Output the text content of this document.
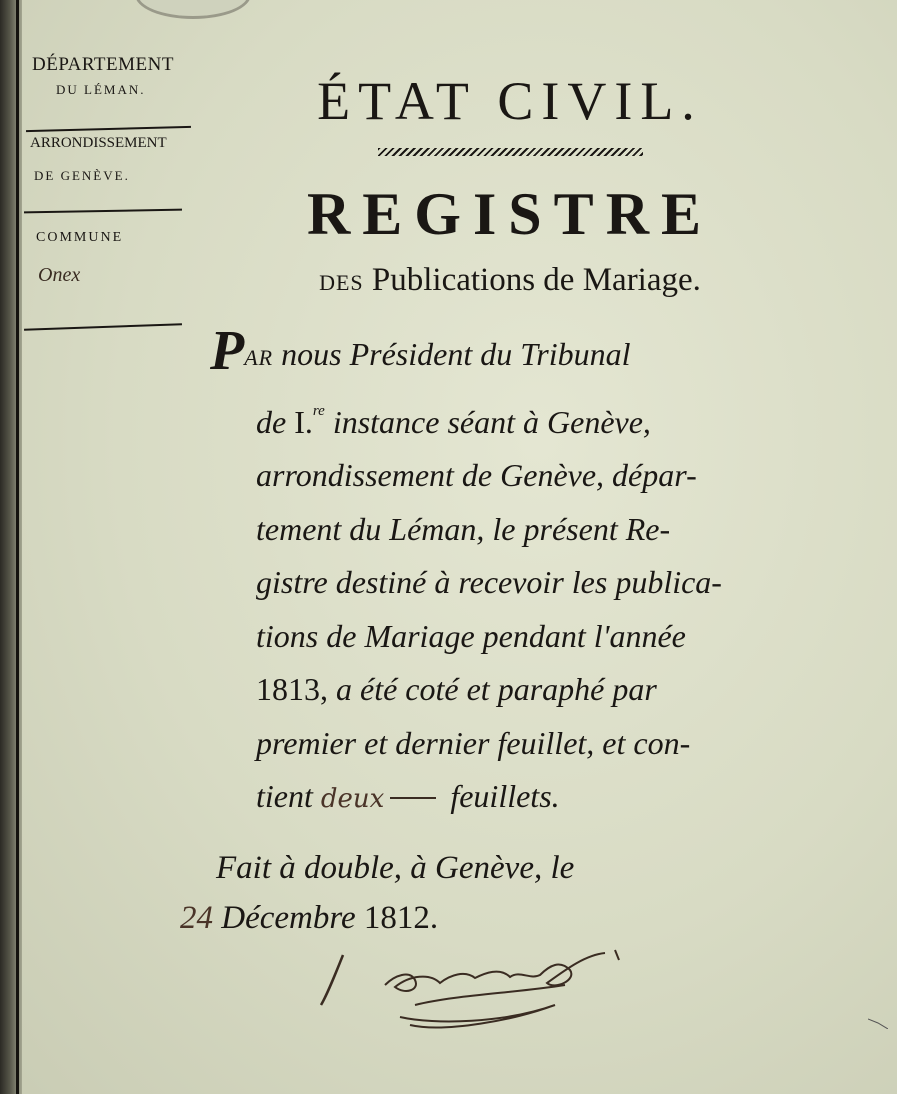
DÉPARTEMENT
DU LÉMAN.
ARRONDISSEMENT
DE GENÈVE.
COMMUNE
Onex
ÉTAT CIVIL.
REGISTRE
DES Publications de Mariage.
PAR nous Président du Tribunal
de I.$^{re}$ instance séant à Genève,
arrondissement de Genève, dépar-
tement du Léman, le présent Re-
gistre destiné à recevoir les publica-
tions de Mariage pendant l'année
1813, a été coté et paraphé par
premier et dernier feuillet, et con-
tient deux feuillets.
Fait à double, à Genève, le
24 Décembre 1812.
